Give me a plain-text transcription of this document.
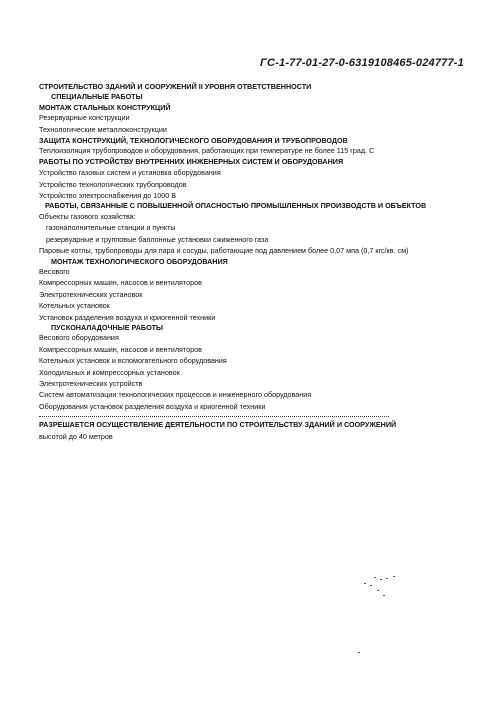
ГС-1-77-01-27-0-6319108465-024777-1
СТРОИТЕЛЬСТВО ЗДАНИЙ И СООРУЖЕНИЙ II УРОВНЯ ОТВЕТСТВЕННОСТИ
СПЕЦИАЛЬНЫЕ РАБОТЫ
МОНТАЖ СТАЛЬНЫХ КОНСТРУКЦИЙ
Резервуарные конструкции
Технологические металлоконструкции
ЗАЩИТА КОНСТРУКЦИЙ, ТЕХНОЛОГИЧЕСКОГО ОБОРУДОВАНИЯ И ТРУБОПРОВОДОВ
Теплоизоляция трубопроводов и оборудования, работающих при температуре не более 115 град. С
РАБОТЫ ПО УСТРОЙСТВУ ВНУТРЕННИХ ИНЖЕНЕРНЫХ СИСТЕМ И ОБОРУДОВАНИЯ
Устройство газовых систем и установка оборудования
Устройство технологических трубопроводов
Устройство электроснабжения до 1000 В
РАБОТЫ, СВЯЗАННЫЕ С ПОВЫШЕННОЙ ОПАСНОСТЬЮ ПРОМЫШЛЕННЫХ ПРОИЗВОДСТВ И ОБЪЕКТОВ
Объекты газового хозяйства:
газонаполнительные станции и пункты
резервуарные и групповые баллонные установки сжиженного газа
Паровые котлы, трубопроводы для пара и сосуды, работающие под давлением более 0,07 мпа (0,7 кгс/кв. см)
МОНТАЖ ТЕХНОЛОГИЧЕСКОГО ОБОРУДОВАНИЯ
Весового
Компрессорных машин, насосов и вентиляторов
Электротехнических установок
Котельных установок
Установок разделения воздуха и криогенной техники
ПУСКОНАЛАДОЧНЫЕ РАБОТЫ
Весового оборудования
Компрессорных машин, насосов и вентиляторов
Котельных установок и вспомогательного оборудования
Холодильных и компрессорных установок
Электротехнических устройств
Систем автоматизации технологических процессов и инженерного оборудования
Оборудования установок разделения воздуха и криогенной техники
РАЗРЕШАЕТСЯ ОСУЩЕСТВЛЕНИЕ ДЕЯТЕЛЬНОСТИ ПО СТРОИТЕЛЬСТВУ ЗДАНИЙ И СООРУЖЕНИЙ
высотой до 40 метров
